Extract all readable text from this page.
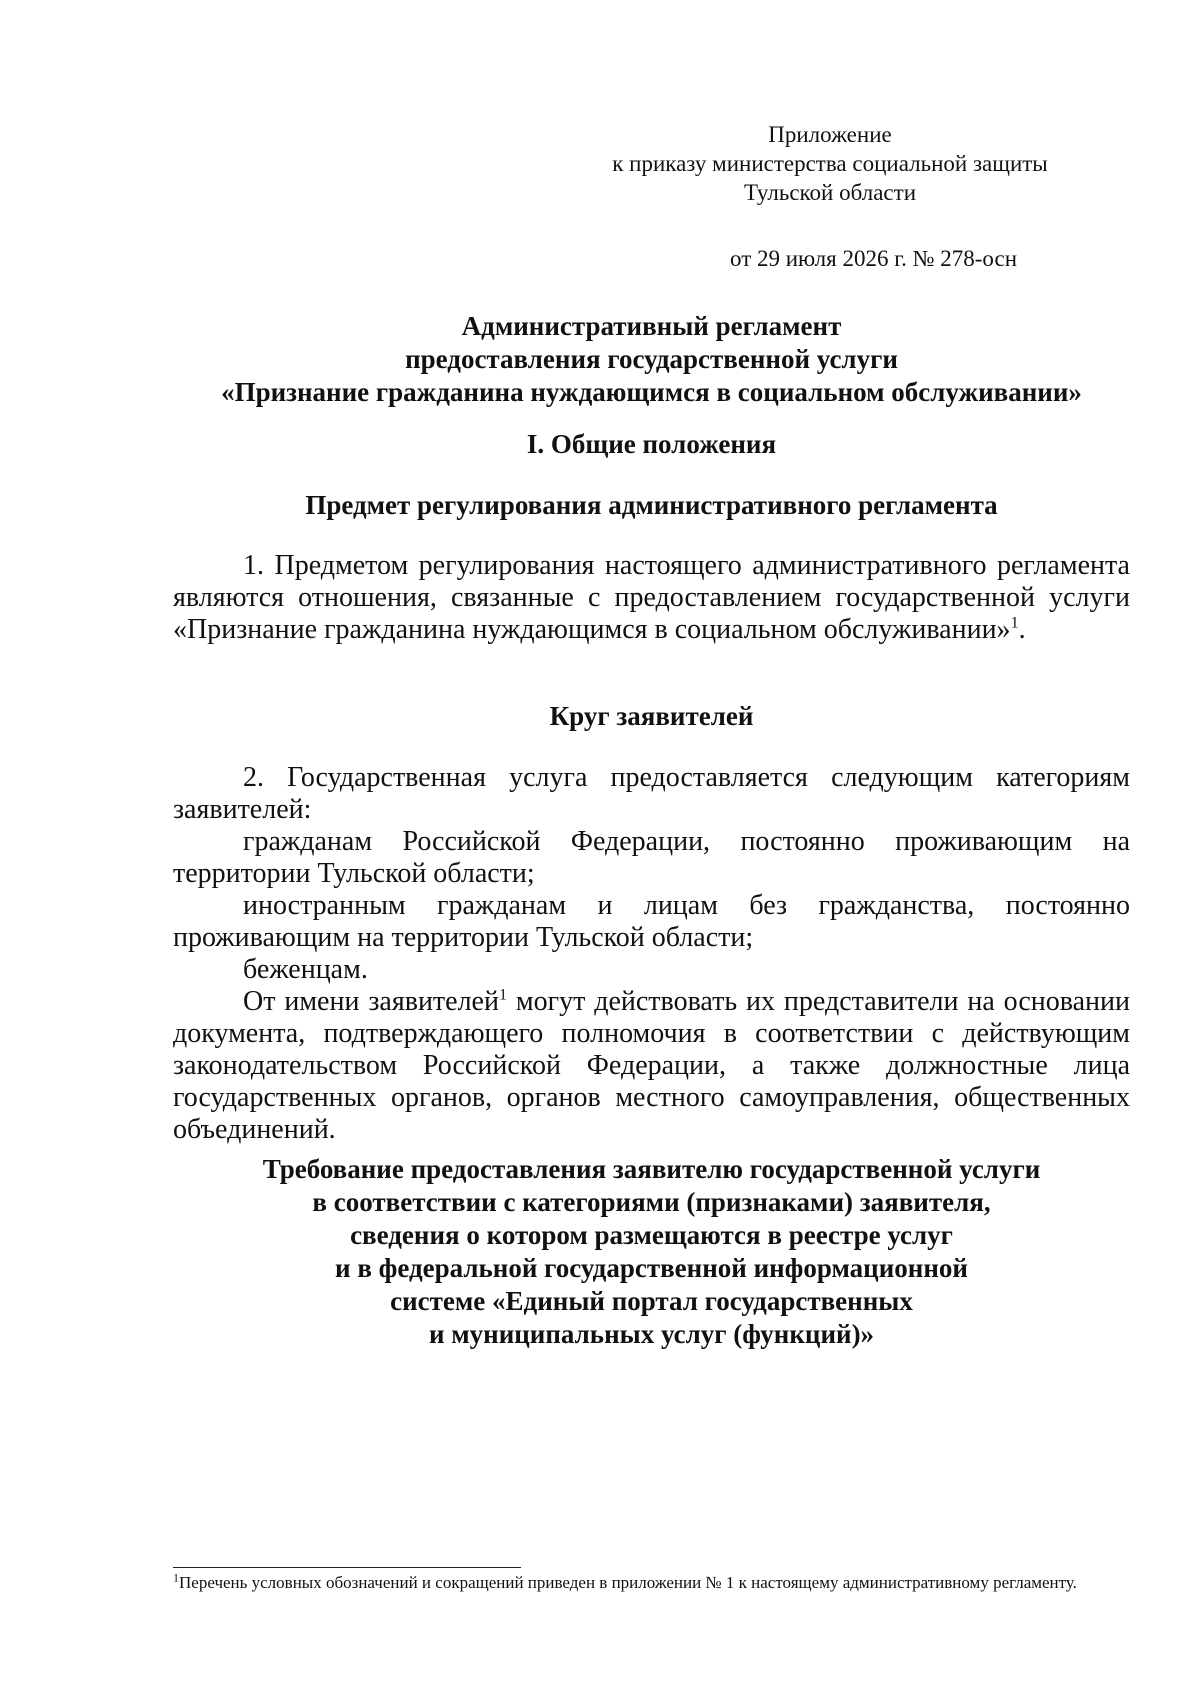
Приложение
к приказу министерства социальной защиты
Тульской области
от 29 июля 2026 г. № 278-осн
Административный регламент
предоставления государственной услуги
«Признание гражданина нуждающимся в социальном обслуживании»
I. Общие положения
Предмет регулирования административного регламента

1. Предметом регулирования настоящего административного регламента являются отношения, связанные с предоставлением государственной услуги «Признание гражданина нуждающимся в социальном обслуживании»$^1$.

Круг заявителей

2. Государственная услуга предоставляется следующим категориям заявителей:

гражданам Российской Федерации, постоянно проживающим на территории Тульской области;

иностранным гражданам и лицам без гражданства, постоянно проживающим на территории Тульской области;

беженцам.

От имени заявителей$^1$ могут действовать их представители на основании документа, подтверждающего полномочия в соответствии с действующим законодательством Российской Федерации, а также должностные лица государственных органов, органов местного самоуправления, общественных объединений.

Требование предоставления заявителю государственной услуги
в соответствии с категориями (признаками) заявителя,
сведения о котором размещаются в реестре услуг
и в федеральной государственной информационной
системе «Единый портал государственных
и муниципальных услуг (функций)»
$^1$Перечень условных обозначений и сокращений приведен в приложении № 1 к настоящему административному регламенту.
